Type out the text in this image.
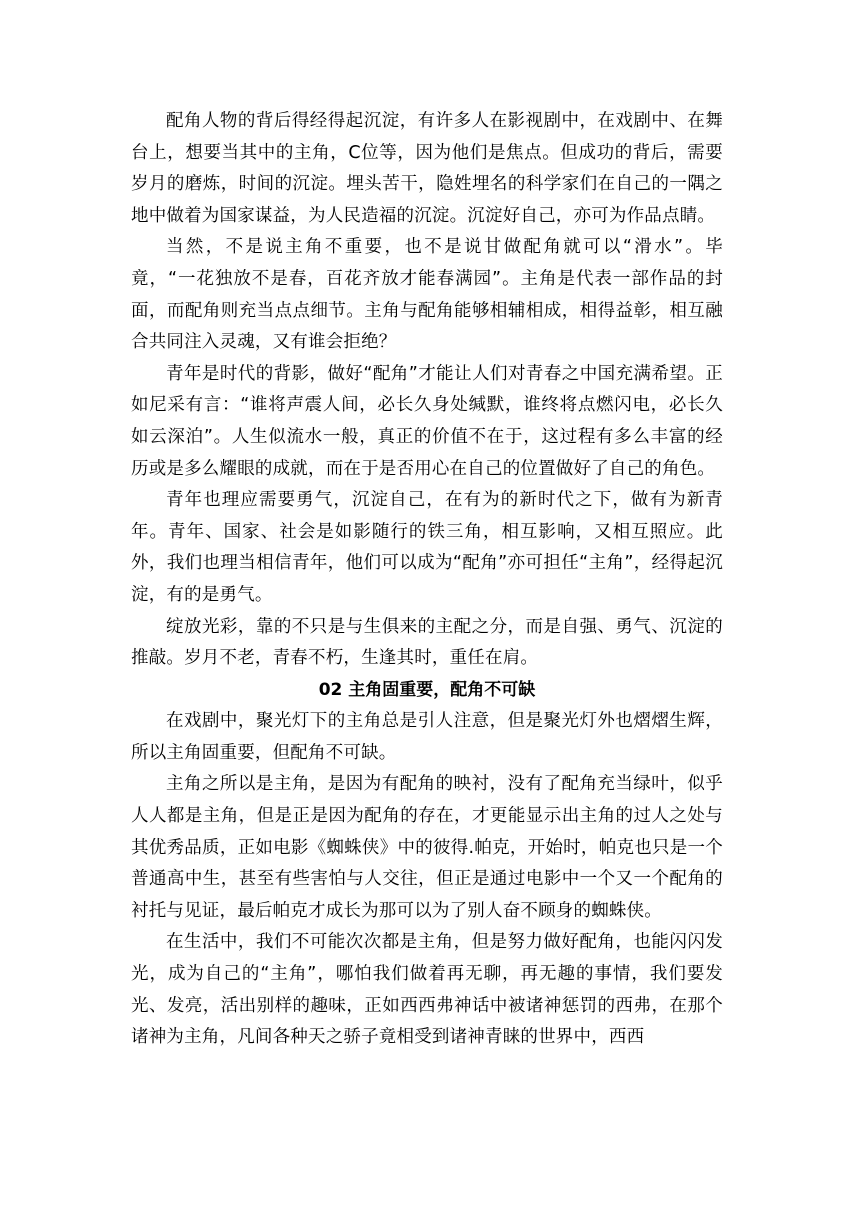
配角人物的背后得经得起沉淀，有许多人在影视剧中，在戏剧中、在舞台上，想要当其中的主角，C位等，因为他们是焦点。但成功的背后，需要岁月的磨炼，时间的沉淀。埋头苦干，隐姓埋名的科学家们在自己的一隅之地中做着为国家谋益，为人民造福的沉淀。沉淀好自己，亦可为作品点睛。

当然，不是说主角不重要，也不是说甘做配角就可以“滑水”。毕竟，“一花独放不是春，百花齐放才能春满园”。主角是代表一部作品的封面，而配角则充当点点细节。主角与配角能够相辅相成，相得益彰，相互融合共同注入灵魂，又有谁会拒绝？

青年是时代的背影，做好“配角”才能让人们对青春之中国充满希望。正如尼采有言：“谁将声震人间，必长久身处缄默，谁终将点燃闪电，必长久如云深泊”。人生似流水一般，真正的价值不在于，这过程有多么丰富的经历或是多么耀眼的成就，而在于是否用心在自己的位置做好了自己的角色。

青年也理应需要勇气，沉淀自己，在有为的新时代之下，做有为新青年。青年、国家、社会是如影随行的铁三角，相互影响，又相互照应。此外，我们也理当相信青年，他们可以成为“配角”亦可担任“主角”，经得起沉淀，有的是勇气。

绽放光彩，靠的不只是与生俱来的主配之分，而是自强、勇气、沉淀的推敲。岁月不老，青春不朽，生逢其时，重任在肩。

02 主角固重要，配角不可缺

在戏剧中，聚光灯下的主角总是引人注意，但是聚光灯外也熠熠生辉，所以主角固重要，但配角不可缺。

主角之所以是主角，是因为有配角的映衬，没有了配角充当绿叶，似乎人人都是主角，但是正是因为配角的存在，才更能显示出主角的过人之处与其优秀品质，正如电影《蜘蛛侠》中的彼得.帕克，开始时，帕克也只是一个普通高中生，甚至有些害怕与人交往，但正是通过电影中一个又一个配角的衬托与见证，最后帕克才成长为那可以为了别人奋不顾身的蜘蛛侠。

在生活中，我们不可能次次都是主角，但是努力做好配角，也能闪闪发光，成为自己的“主角”，哪怕我们做着再无聊，再无趣的事情，我们要发光、发亮，活出别样的趣味，正如西西弗神话中被诸神惩罚的西弗，在那个诸神为主角，凡间各种天之骄子竟相受到诸神青睐的世界中，西西
